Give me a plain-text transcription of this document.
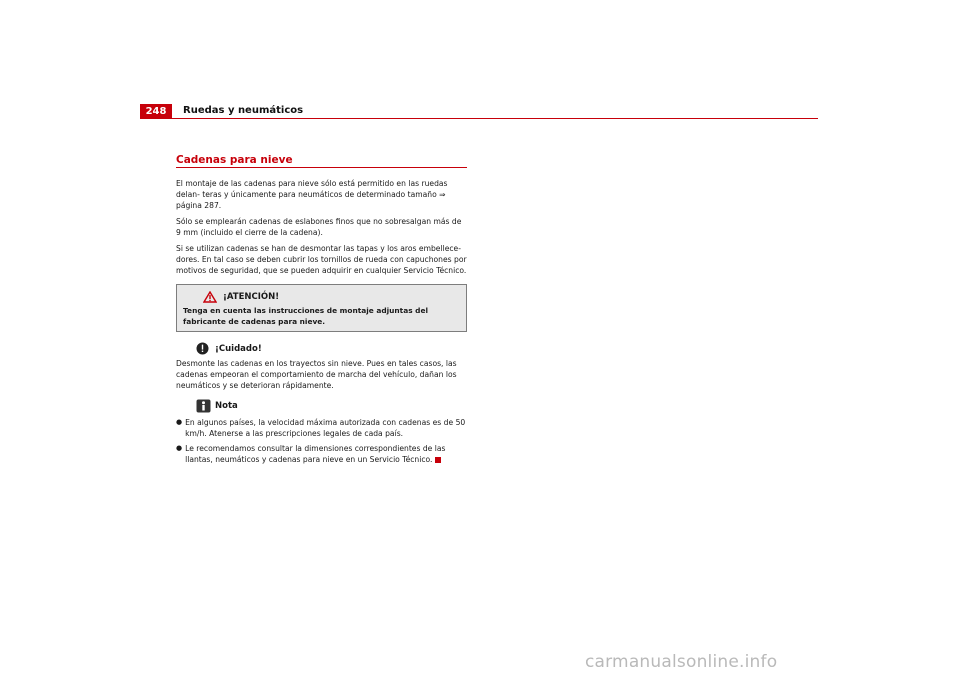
248	Ruedas y neumáticos
Cadenas para nieve

El montaje de las cadenas para nieve sólo está permitido en las ruedas delan- teras y únicamente para neumáticos de determinado tamaño ⇒ página 287.

Sólo se emplearán cadenas de eslabones finos que no sobresalgan más de 9 mm (incluido el cierre de la cadena).

Si se utilizan cadenas se han de desmontar las tapas y los aros embellece- dores. En tal caso se deben cubrir los tornillos de rueda con capuchones por motivos de seguridad, que se pueden adquirir en cualquier Servicio Técnico.

¡ATENCIÓN!
Tenga en cuenta las instrucciones de montaje adjuntas del fabricante de cadenas para nieve.
¡Cuidado!

Desmonte las cadenas en los trayectos sin nieve. Pues en tales casos, las cadenas empeoran el comportamiento de marcha del vehículo, dañan los neumáticos y se deterioran rápidamente.

Nota
● En algunos países, la velocidad máxima autorizada con cadenas es de 50 km/h. Atenerse a las prescripciones legales de cada país.
● Le recomendamos consultar la dimensiones correspondientes de las llantas, neumáticos y cadenas para nieve en un Servicio Técnico.
carmanualsonline.info
